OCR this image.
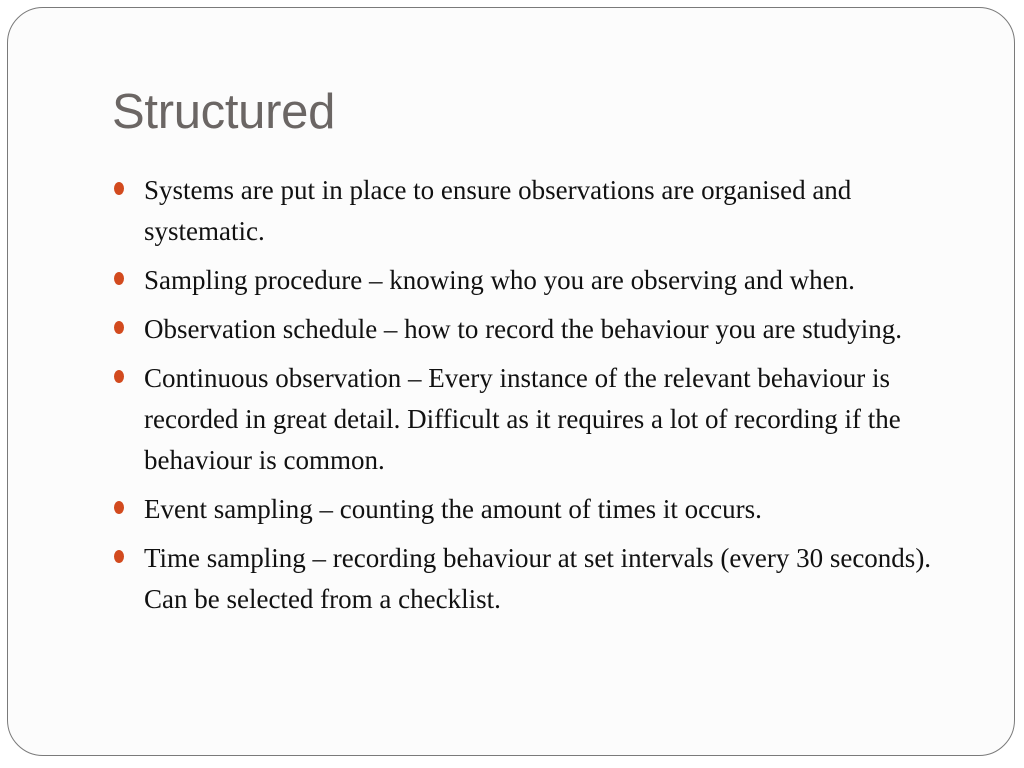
Structured
Systems are put in place to ensure observations are organised and systematic.
Sampling procedure – knowing who you are observing and when.
Observation schedule – how to record the behaviour you are studying.
Continuous observation – Every instance of the relevant behaviour is recorded in great detail. Difficult as it requires a lot of recording if the behaviour is common.
Event sampling – counting the amount of times it occurs.
Time sampling – recording behaviour at set intervals (every 30 seconds). Can be selected from a checklist.
